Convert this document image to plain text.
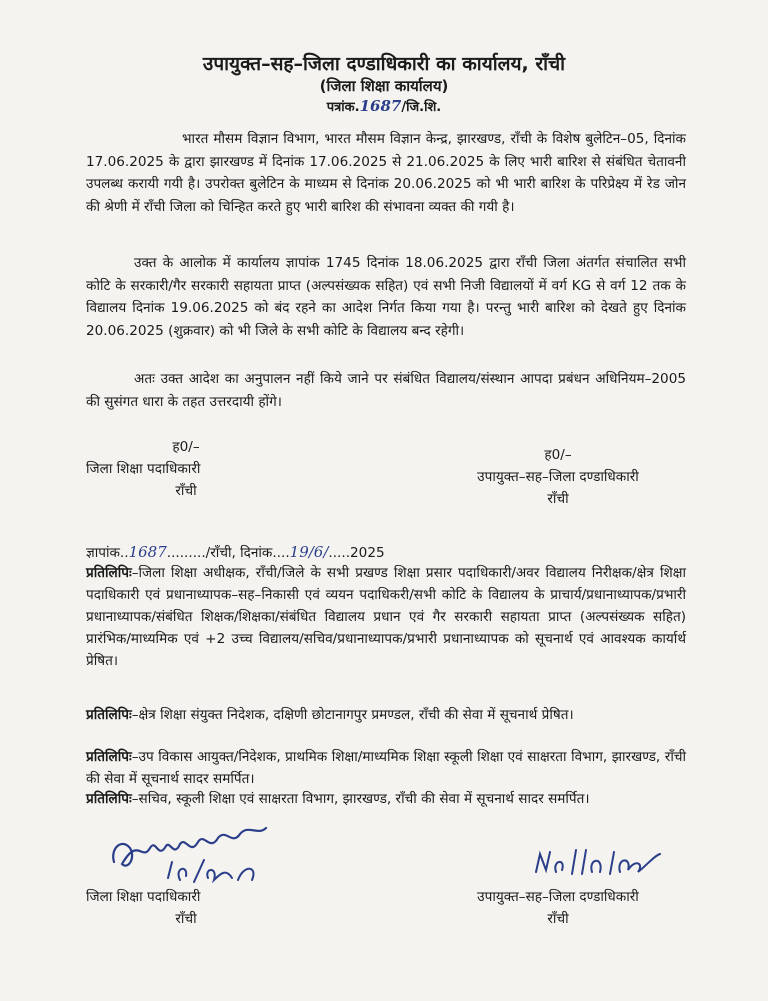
उपायुक्त–सह–जिला दण्डाधिकारी का कार्यालय, राँची
(जिला शिक्षा कार्यालय)
पत्रांक.1687/जि.शि.
भारत मौसम विज्ञान विभाग, भारत मौसम विज्ञान केन्द्र, झारखण्ड, राँची के विशेष बुलेटिन–05, दिनांक 17.06.2025 के द्वारा झारखण्ड में दिनांक 17.06.2025 से 21.06.2025 के लिए भारी बारिश से संबंधित चेतावनी उपलब्ध करायी गयी है। उपरोक्त बुलेटिन के माध्यम से दिनांक 20.06.2025 को भी भारी बारिश के परिप्रेक्ष्य में रेड जोन की श्रेणी में राँची जिला को चिन्हित करते हुए भारी बारिश की संभावना व्यक्त की गयी है।
उक्त के आलोक में कार्यालय ज्ञापांक 1745 दिनांक 18.06.2025 द्वारा राँची जिला अंतर्गत संचालित सभी कोटि के सरकारी/गैर सरकारी सहायता प्राप्त (अल्पसंख्यक सहित) एवं सभी निजी विद्यालयों में वर्ग KG से वर्ग 12 तक के विद्यालय दिनांक 19.06.2025 को बंद रहने का आदेश निर्गत किया गया है। परन्तु भारी बारिश को देखते हुए दिनांक 20.06.2025 (शुक्रवार) को भी जिले के सभी कोटि के विद्यालय बन्द रहेगी।
अतः उक्त आदेश का अनुपालन नहीं किये जाने पर संबंधित विद्यालय/संस्थान आपदा प्रबंधन अधिनियम–2005 की सुसंगत धारा के तहत उत्तरदायी होंगे।
ह0/–
जिला शिक्षा पदाधिकारी
राँची
ह0/–
उपायुक्त–सह–जिला दण्डाधिकारी
राँची
ज्ञापांक..1687........./राँची, दिनांक....19/6/.....2025
प्रतिलिपिः–जिला शिक्षा अधीक्षक, राँची/जिले के सभी प्रखण्ड शिक्षा प्रसार पदाधिकारी/अवर विद्यालय निरीक्षक/क्षेत्र शिक्षा पदाधिकारी एवं प्रधानाध्यापक–सह–निकासी एवं व्ययन पदाधिकरी/सभी कोटि के विद्यालय के प्राचार्य/प्रधानाध्यापक/प्रभारी प्रधानाध्यापक/संबंधित शिक्षक/शिक्षका/संबंधित विद्यालय प्रधान एवं गैर सरकारी सहायता प्राप्त (अल्पसंख्यक सहित) प्रारंभिक/माध्यमिक एवं +2 उच्च विद्यालय/सचिव/प्रधानाध्यापक/प्रभारी प्रधानाध्यापक को सूचनार्थ एवं आवश्यक कार्यार्थ प्रेषित।
प्रतिलिपिः–क्षेत्र शिक्षा संयुक्त निदेशक, दक्षिणी छोटानागपुर प्रमण्डल, राँची की सेवा में सूचनार्थ प्रेषित।
प्रतिलिपिः–उप विकास आयुक्त/निदेशक, प्राथमिक शिक्षा/माध्यमिक शिक्षा स्कूली शिक्षा एवं साक्षरता विभाग, झारखण्ड, राँची की सेवा में सूचनार्थ सादर समर्पित।
प्रतिलिपिः–सचिव, स्कूली शिक्षा एवं साक्षरता विभाग, झारखण्ड, राँची की सेवा में सूचनार्थ सादर समर्पित।
जिला शिक्षा पदाधिकारी
राँची
उपायुक्त–सह–जिला दण्डाधिकारी
राँची
